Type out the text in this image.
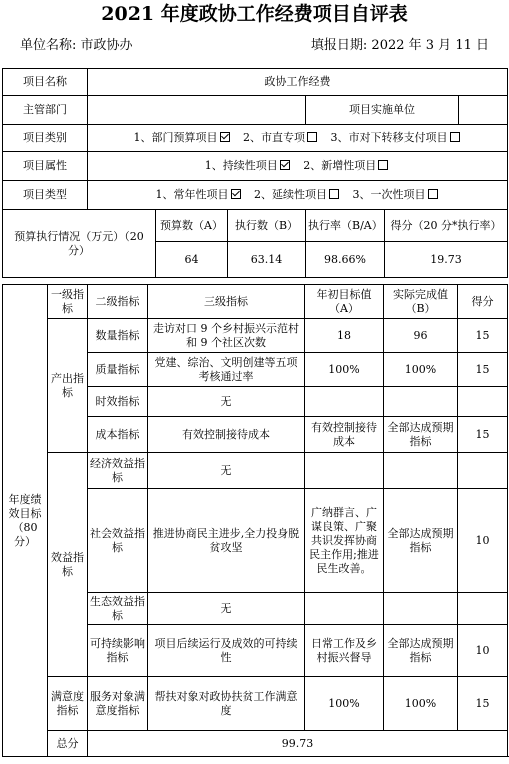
2021 年度政协工作经费项目自评表
单位名称: 市政协办	填报日期: 2022 年 3 月 11 日
项目名称	政协工作经费					
主管部门				项目实施单位		
项目类别	1、部门预算项目 2、市直专项 3、市对下转移支付项目					
项目属性	1、持续性项目 2、新增性项目					
项目类型	1、常年性项目 2、延续性项目 3、一次性项目					
预算执行情况（万元）（20 分）		预算数（A）	执行数（B）	执行率（B/A）	得分（20 分*执行率）	
		64	63.14	98.66%	19.73	
年度绩效目标（80 分）	一级指标	二级指标	三级指标	年初目标值（A）	实际完成值（B）	得分
	产出指标	数量指标	走访对口 9 个乡村振兴示范村和 9 个社区次数	18	96	15
		质量指标	党建、综治、文明创建等五项考核通过率	100%	100%	15
		时效指标	无			
		成本指标	有效控制接待成本	有效控制接待成本	全部达成预期指标	15
	效益指标	经济效益指标	无			
		社会效益指标	推进协商民主进步,全力投身脱贫攻坚	广纳群言、广谋良策、广聚共识发挥协商民主作用;推进民生改善。	全部达成预期指标	10
		生态效益指标	无			
		可持续影响指标	项目后续运行及成效的可持续性	日常工作及乡村振兴督导	全部达成预期指标	10
	满意度指标	服务对象满意度指标	帮扶对象对政协扶贫工作满意度	100%	100%	15
	总分	99.73				
